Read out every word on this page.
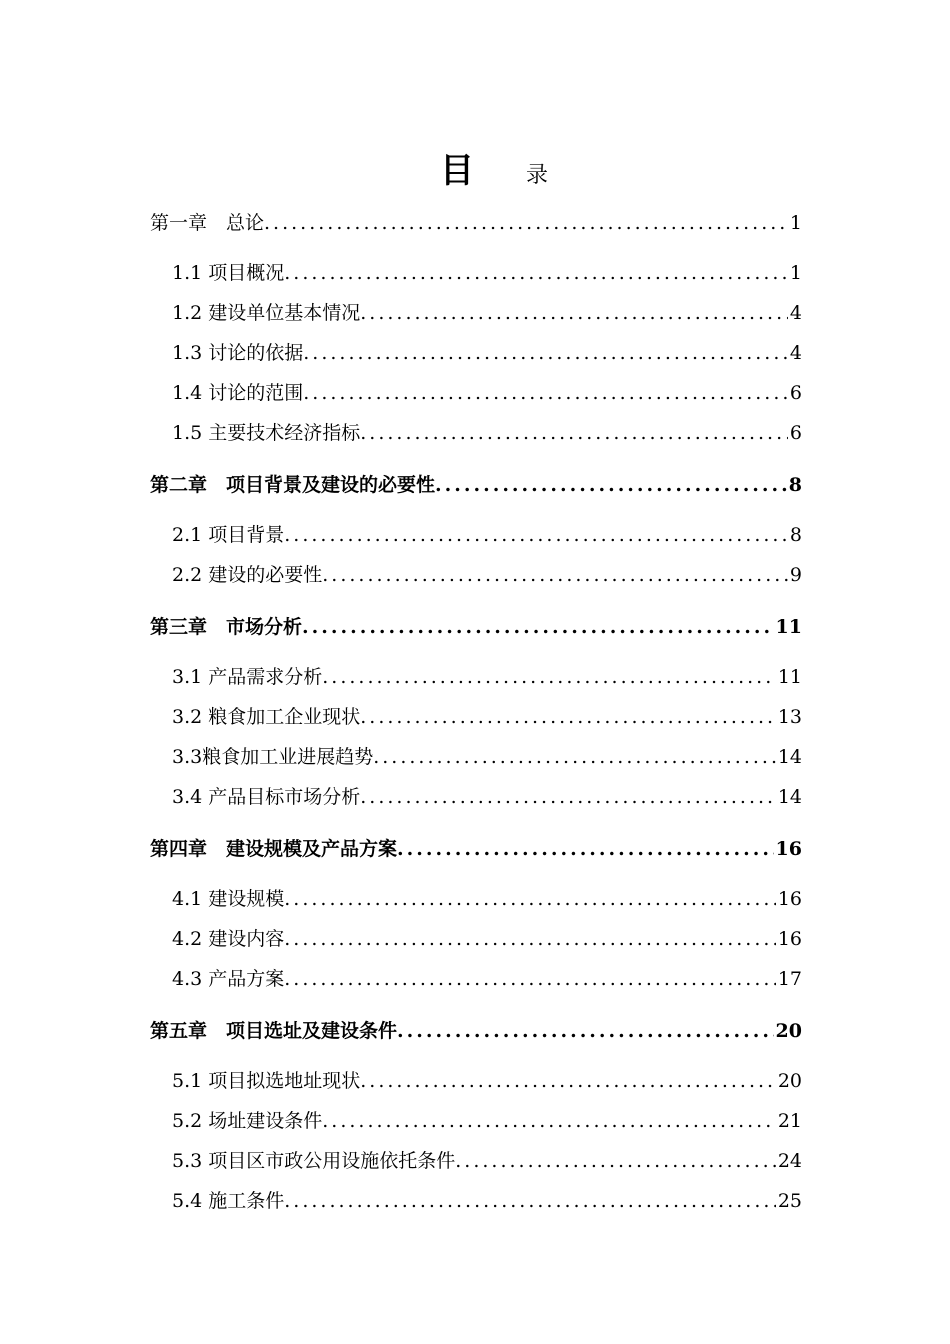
目 录
第一章　总论 .....	1
1.1 项目概况 .....	1
1.2 建设单位基本情况 .....	4
1.3 讨论的依据 .....	4
1.4 讨论的范围 .....	6
1.5 主要技术经济指标 .....	6
第二章　项目背景及建设的必要性 .....	8
2.1 项目背景 .....	8
2.2 建设的必要性 .....	9
第三章　市场分析 .....	11
3.1 产品需求分析 .....	11
3.2 粮食加工企业现状 .....	13
3.3粮食加工业进展趋势 .....	14
3.4 产品目标市场分析 .....	14
第四章　建设规模及产品方案 .....	16
4.1 建设规模 .....	16
4.2 建设内容 .....	16
4.3 产品方案 .....	17
第五章　项目选址及建设条件 .....	20
5.1 项目拟选地址现状 .....	20
5.2 场址建设条件 .....	21
5.3 项目区市政公用设施依托条件 .....	24
5.4 施工条件 .....	25
